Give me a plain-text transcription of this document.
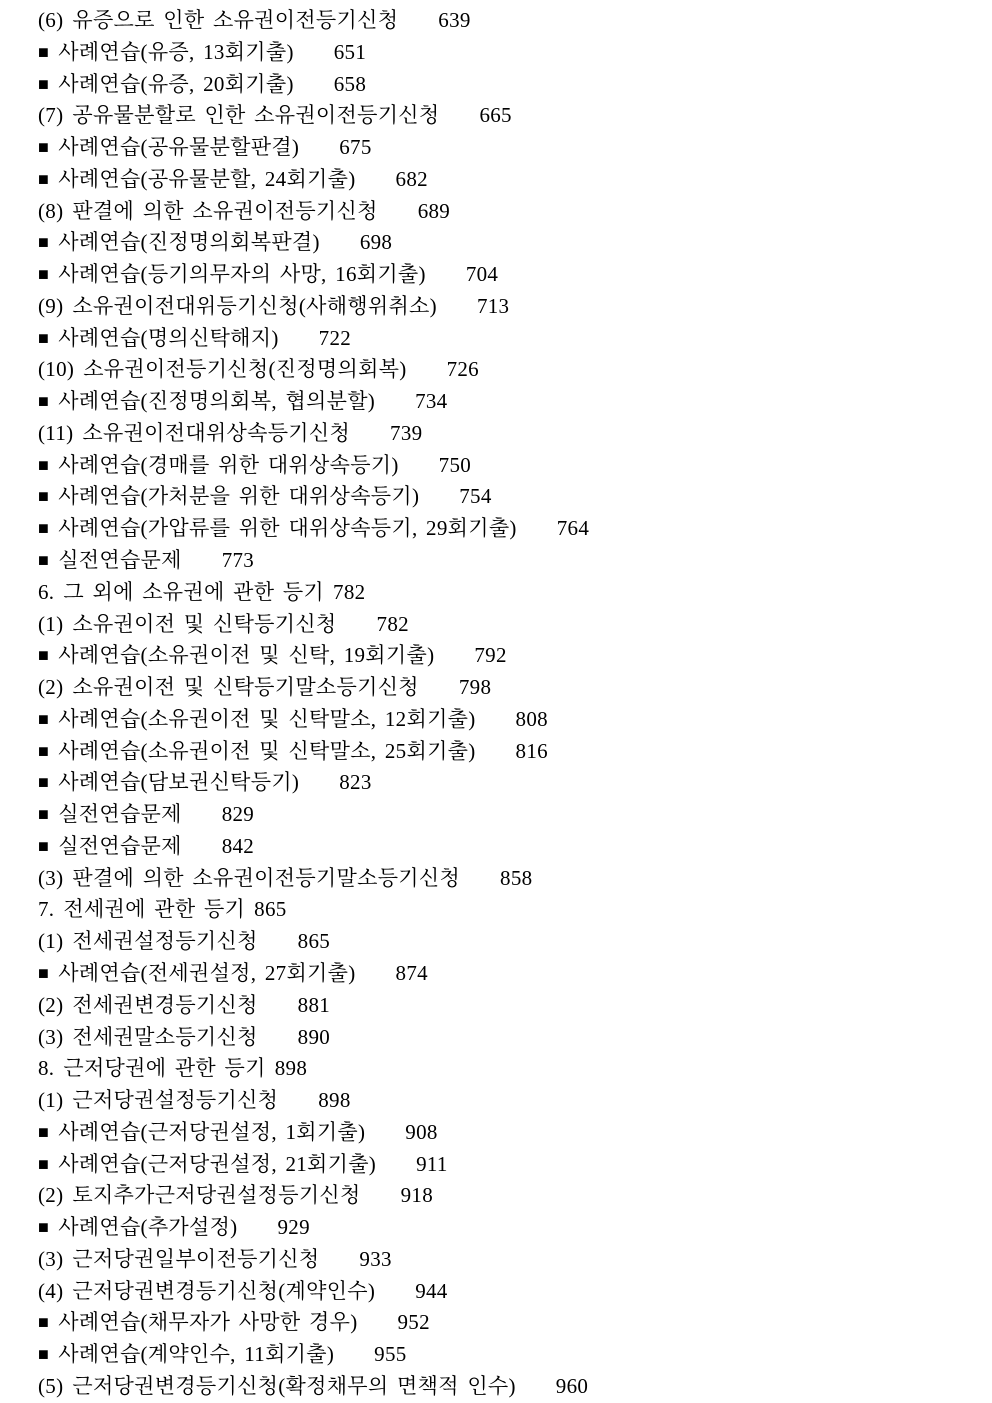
(6) 유증으로 인한 소유권이전등기신청 639
■ 사례연습(유증, 13회기출) 651
■ 사례연습(유증, 20회기출) 658
(7) 공유물분할로 인한 소유권이전등기신청 665
■ 사례연습(공유물분할판결) 675
■ 사례연습(공유물분할, 24회기출) 682
(8) 판결에 의한 소유권이전등기신청 689
■ 사례연습(진정명의회복판결) 698
■ 사례연습(등기의무자의 사망, 16회기출) 704
(9) 소유권이전대위등기신청(사해행위취소) 713
■ 사례연습(명의신탁해지) 722
(10) 소유권이전등기신청(진정명의회복) 726
■ 사례연습(진정명의회복, 협의분할) 734
(11) 소유권이전대위상속등기신청 739
■ 사례연습(경매를 위한 대위상속등기) 750
■ 사례연습(가처분을 위한 대위상속등기) 754
■ 사례연습(가압류를 위한 대위상속등기, 29회기출) 764
■ 실전연습문제 773
6. 그 외에 소유권에 관한 등기 782
(1) 소유권이전 및 신탁등기신청 782
■ 사례연습(소유권이전 및 신탁, 19회기출) 792
(2) 소유권이전 및 신탁등기말소등기신청 798
■ 사례연습(소유권이전 및 신탁말소, 12회기출) 808
■ 사례연습(소유권이전 및 신탁말소, 25회기출) 816
■ 사례연습(담보권신탁등기) 823
■ 실전연습문제 829
■ 실전연습문제 842
(3) 판결에 의한 소유권이전등기말소등기신청 858
7. 전세권에 관한 등기 865
(1) 전세권설정등기신청 865
■ 사례연습(전세권설정, 27회기출) 874
(2) 전세권변경등기신청 881
(3) 전세권말소등기신청 890
8. 근저당권에 관한 등기 898
(1) 근저당권설정등기신청 898
■ 사례연습(근저당권설정, 1회기출) 908
■ 사례연습(근저당권설정, 21회기출) 911
(2) 토지추가근저당권설정등기신청 918
■ 사례연습(추가설정) 929
(3) 근저당권일부이전등기신청 933
(4) 근저당권변경등기신청(계약인수) 944
■ 사례연습(채무자가 사망한 경우) 952
■ 사례연습(계약인수, 11회기출) 955
(5) 근저당권변경등기신청(확정채무의 면책적 인수) 960
